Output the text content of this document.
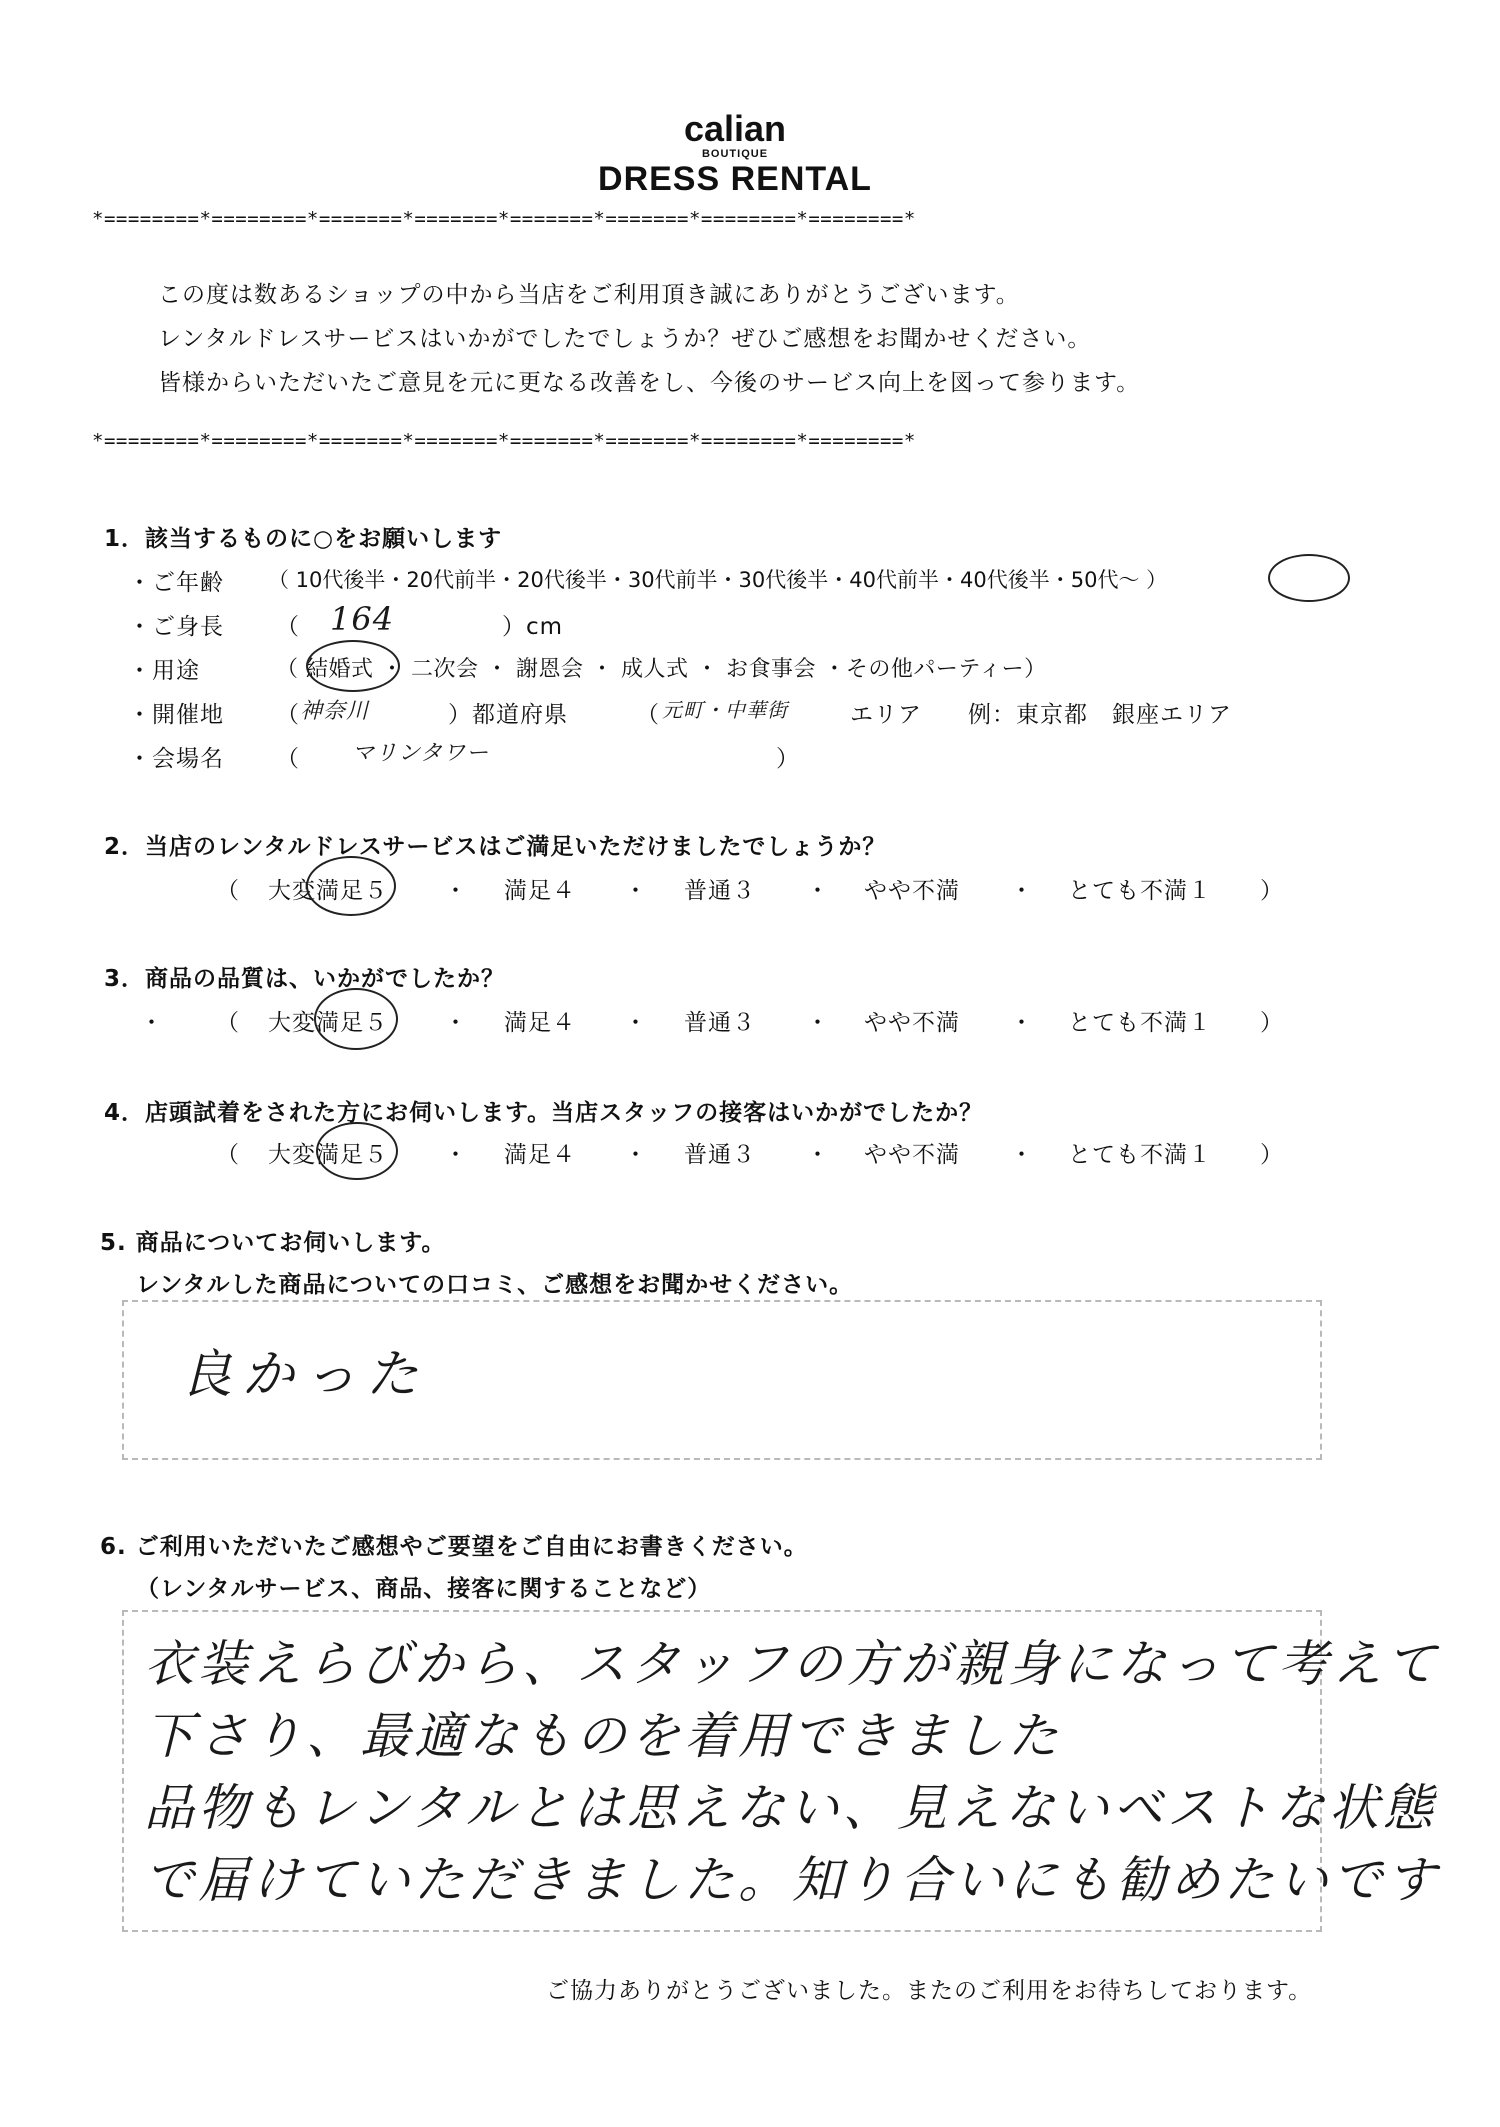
calian
BOUTIQUE
DRESS RENTAL
*========*========*=======*=======*=======*=======*========*========*
この度は数あるショップの中から当店をご利用頂き誠にありがとうございます。
レンタルドレスサービスはいかがでしたでしょうか？ぜひご感想をお聞かせください。
皆様からいただいたご意見を元に更なる改善をし、今後のサービス向上を図って参ります。
*========*========*=======*=======*=======*=======*========*========*
1．該当するものに○をお願いします
・ご年齢 （ 10代後半・20代前半・20代後半・30代前半・30代後半・40代前半・40代後半・50代～ ）
・ご身長 （ 164	）cm
・用途	（ 結婚式 ・ 二次会 ・ 謝恩会 ・ 成人式 ・ お食事会 ・その他パーティー）
・開催地 （ 神奈川	）都道府県	（ 元町・中華街	エリア 例：東京都　銀座エリア
・会場名 （ マリンタワー	）
2．当店のレンタルドレスサービスはご満足いただけましたでしょうか？
（ 大変満足５ ・ 満足４ ・ 普通３ ・ やや不満 ・ とても不満１ ）
3．商品の品質は、いかがでしたか？
・ （ 大変満足５ ・ 満足４ ・ 普通３ ・ やや不満 ・ とても不満１ ）
4．店頭試着をされた方にお伺いします。当店スタッフの接客はいかがでしたか？
（ 大変満足５ ・ 満足４ ・ 普通３ ・ やや不満 ・ とても不満１ ）
5. 商品についてお伺いします。
レンタルした商品についての口コミ、ご感想をお聞かせください。
良かった
6. ご利用いただいたご感想やご要望をご自由にお書きください。
（レンタルサービス、商品、接客に関することなど）
衣装えらびから、スタッフの方が親身になって考えて
下さり、最適なものを着用できました
品物もレンタルとは思えない、見えないベストな状態
で届けていただきました。知り合いにも勧めたいです
ご協力ありがとうございました。またのご利用をお待ちしております。
